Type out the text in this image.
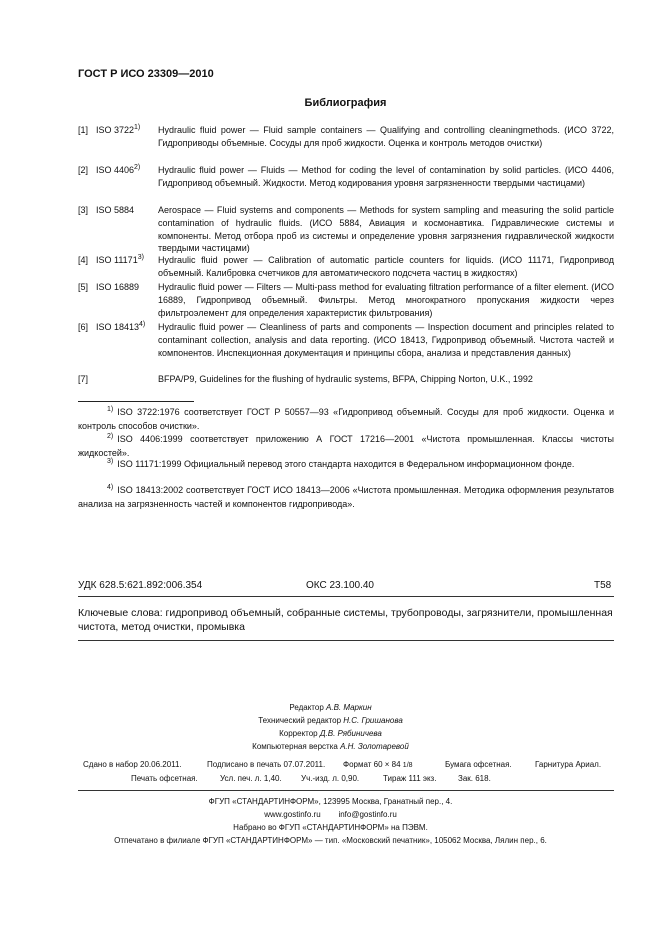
ГОСТ Р ИСО 23309—2010
Библиография
[1] ISO 3722$^{1)}$ Hydraulic fluid power — Fluid sample containers — Qualifying and controlling cleaningmethods. (ИСО 3722, Гидроприводы объемные. Сосуды для проб жидкости. Оценка и контроль методов очистки)
[2] ISO 4406$^{2)}$ Hydraulic fluid power — Fluids — Method for coding the level of contamination by solid particles. (ИСО 4406, Гидропривод объемный. Жидкости. Метод кодирования уровня загрязненности твердыми частицами)
[3] ISO 5884	Aerospace — Fluid systems and components — Methods for system sampling and measuring the solid particle contamination of hydraulic fluids. (ИСО 5884, Авиация и космонавтика. Гидравлические системы и компоненты. Метод отбора проб из системы и определение уровня загрязнения гидравлической жидкости твердыми частицами)
[4] ISO 11171$^{3)}$ Hydraulic fluid power — Calibration of automatic particle counters for liquids. (ИСО 11171, Гидропривод объемный. Калибровка счетчиков для автоматического подсчета частиц в жидкостях)
[5] ISO 16889 Hydraulic fluid power — Filters — Multi-pass method for evaluating filtration performance of a filter element. (ИСО 16889, Гидропривод объемный. Фильтры. Метод многократного пропускания жидкости через фильтроэлемент для определения характеристик фильтрования)
[6] ISO 18413$^{4)}$ Hydraulic fluid power — Cleanliness of parts and components — Inspection document and principles related to contaminant collection, analysis and data reporting. (ИСО 18413, Гидропривод объемный. Чистота частей и компонентов. Инспекционная документация и принципы сбора, анализа и представления данных)
[7]	BFPA/P9, Guidelines for the flushing of hydraulic systems, BFPA, Chipping Norton, U.K., 1992
$^{1)}$ ISO 3722:1976 соответствует ГОСТ Р 50557—93 «Гидропривод объемный. Сосуды для проб жидкости. Оценка и контроль способов очистки».
$^{2)}$ ISO 4406:1999 соответствует приложению А ГОСТ 17216—2001 «Чистота промышленная. Классы чистоты жидкостей».
$^{3)}$ ISO 11171:1999 Официальный перевод этого стандарта находится в Федеральном информационном фонде.
$^{4)}$ ISO 18413:2002 соответствует ГОСТ ИСО 18413—2006 «Чистота промышленная. Методика оформления результатов анализа на загрязненность частей и компонентов гидропривода».
УДК 628.5:621.892:006.354	ОКС 23.100.40	Т58
Ключевые слова: гидропривод объемный, собранные системы, трубопроводы, загрязнители, промышленная чистота, метод очистки, промывка
Редактор А.В. Маркин
Технический редактор Н.С. Гришанова
Корректор Д.В. Рябиничева
Компьютерная верстка А.Н. Золотаревой
Сдано в набор 20.06.2011.	Подписано в печать 07.07.2011. Формат 60 × 84 1/8	Бумага офсетная.	Гарнитура Ариал.
Печать офсетная.	Усл. печ. л. 1,40. Уч.-изд. л. 0,90.	Тираж 111 экз.	Зак. 618.
ФГУП «СТАНДАРТИНФОРМ», 123995 Москва, Гранатный пер., 4.
www.gostinfo.ru        info@gostinfo.ru
Набрано во ФГУП «СТАНДАРТИНФОРМ» на ПЭВМ.
Отпечатано в филиале ФГУП «СТАНДАРТИНФОРМ» — тип. «Московский печатник», 105062 Москва, Лялин пер., 6.
